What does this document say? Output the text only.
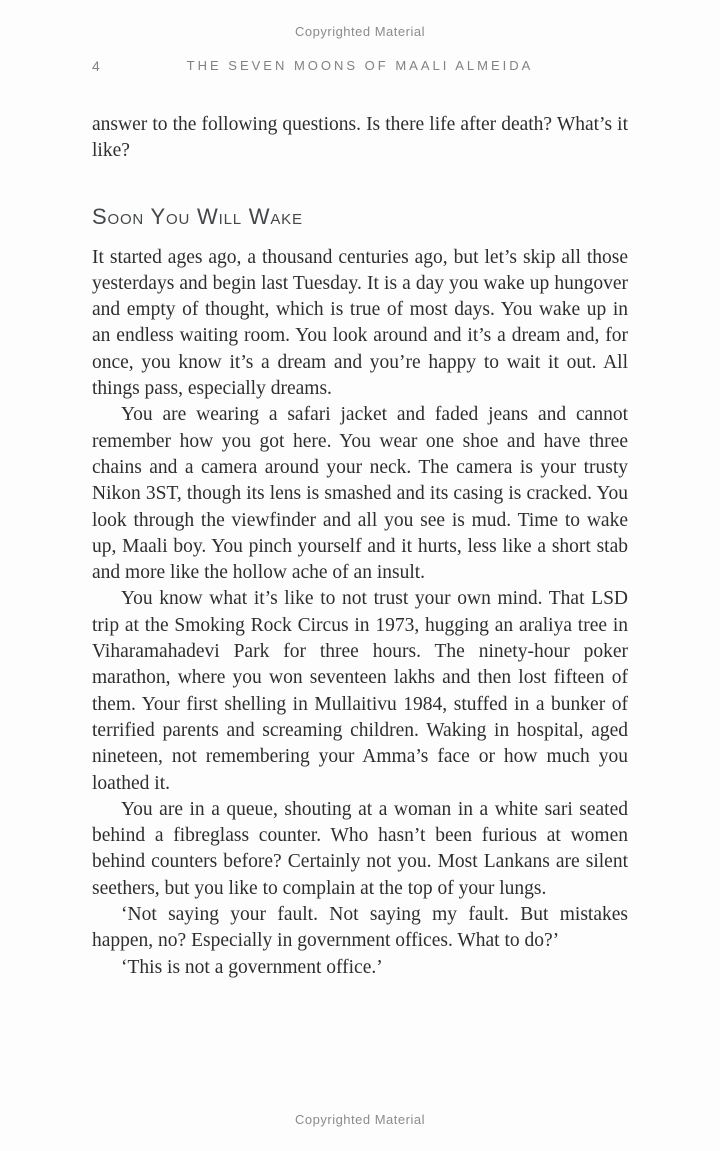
Copyrighted Material
4	THE SEVEN MOONS OF MAALI ALMEIDA

answer to the following questions. Is there life after death? What’s it like?

Soon You Will Wake

It started ages ago, a thousand centuries ago, but let’s skip all those yesterdays and begin last Tuesday. It is a day you wake up hungover and empty of thought, which is true of most days. You wake up in an endless waiting room. You look around and it’s a dream and, for once, you know it’s a dream and you’re happy to wait it out. All things pass, especially dreams.

You are wearing a safari jacket and faded jeans and cannot remember how you got here. You wear one shoe and have three chains and a camera around your neck. The camera is your trusty Nikon 3ST, though its lens is smashed and its casing is cracked. You look through the viewfinder and all you see is mud. Time to wake up, Maali boy. You pinch yourself and it hurts, less like a short stab and more like the hollow ache of an insult.

You know what it’s like to not trust your own mind. That LSD trip at the Smoking Rock Circus in 1973, hugging an araliya tree in Viharamahadevi Park for three hours. The ninety-hour poker marathon, where you won seventeen lakhs and then lost fifteen of them. Your first shelling in Mullaitivu 1984, stuffed in a bunker of terrified parents and screaming children. Waking in hospital, aged nineteen, not remembering your Amma’s face or how much you loathed it.

You are in a queue, shouting at a woman in a white sari seated behind a fibreglass counter. Who hasn’t been furious at women behind counters before? Certainly not you. Most Lankans are silent seethers, but you like to complain at the top of your lungs.

‘Not saying your fault. Not saying my fault. But mistakes happen, no? Especially in government offices. What to do?’

‘This is not a government office.’

Copyrighted Material
